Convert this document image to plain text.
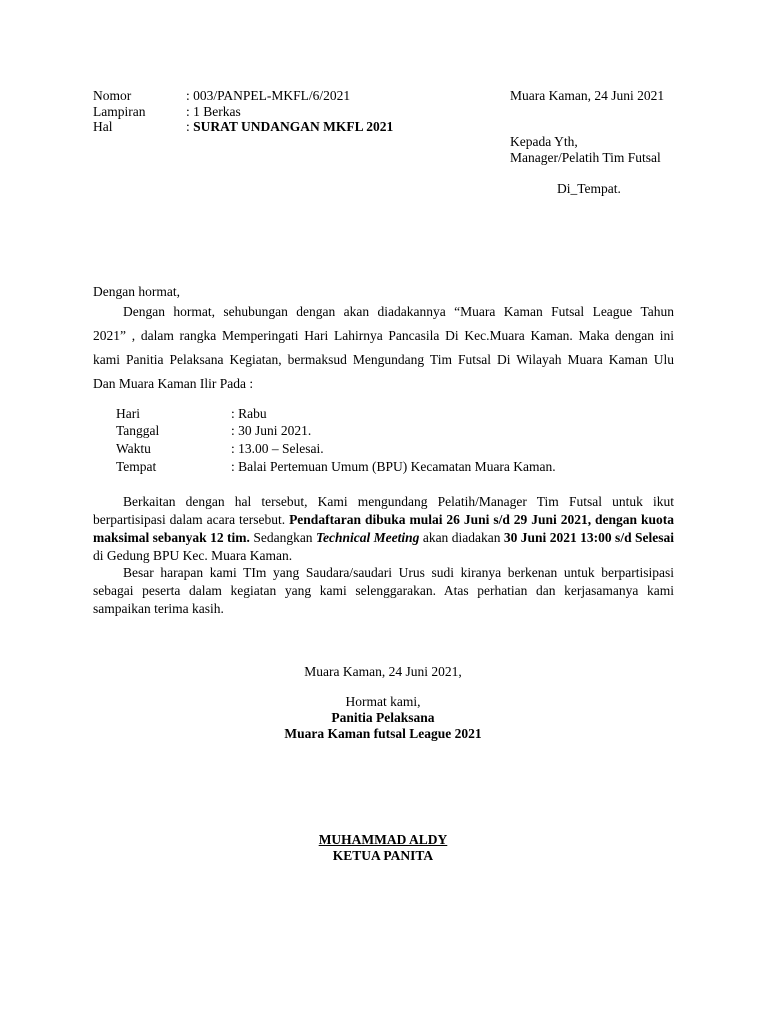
Nomor	: 003/PANPEL-MKFL/6/2021
Lampiran	: 1 Berkas
Hal	: SURAT UNDANGAN MKFL 2021
Muara Kaman, 24 Juni 2021
Kepada Yth,
Manager/Pelatih Tim Futsal
Di_Tempat.
Dengan hormat,
Dengan hormat, sehubungan dengan akan diadakannya “Muara Kaman Futsal League Tahun
2021” , dalam rangka Memperingati Hari Lahirnya Pancasila Di Kec.Muara Kaman. Maka dengan ini
kami Panitia Pelaksana Kegiatan, bermaksud Mengundang Tim Futsal Di Wilayah Muara Kaman Ulu
Dan Muara Kaman Ilir Pada :
Hari	: Rabu
Tanggal	: 30 Juni 2021.
Waktu	: 13.00 – Selesai.
Tempat	: Balai Pertemuan Umum (BPU) Kecamatan Muara Kaman.
Berkaitan dengan hal tersebut, Kami mengundang Pelatih/Manager Tim Futsal untuk ikut berpartisipasi dalam acara tersebut. Pendaftaran dibuka mulai 26 Juni s/d 29 Juni 2021, dengan kuota maksimal sebanyak 12 tim. Sedangkan Technical Meeting akan diadakan 30 Juni 2021 13:00 s/d Selesai di Gedung BPU Kec. Muara Kaman.
Besar harapan kami TIm yang Saudara/saudari Urus sudi kiranya berkenan untuk berpartisipasi sebagai peserta dalam kegiatan yang kami selenggarakan. Atas perhatian dan kerjasamanya kami sampaikan terima kasih.
Muara Kaman, 24 Juni 2021,
Hormat kami,
Panitia Pelaksana
Muara Kaman futsal League 2021
MUHAMMAD ALDY
KETUA PANITA
